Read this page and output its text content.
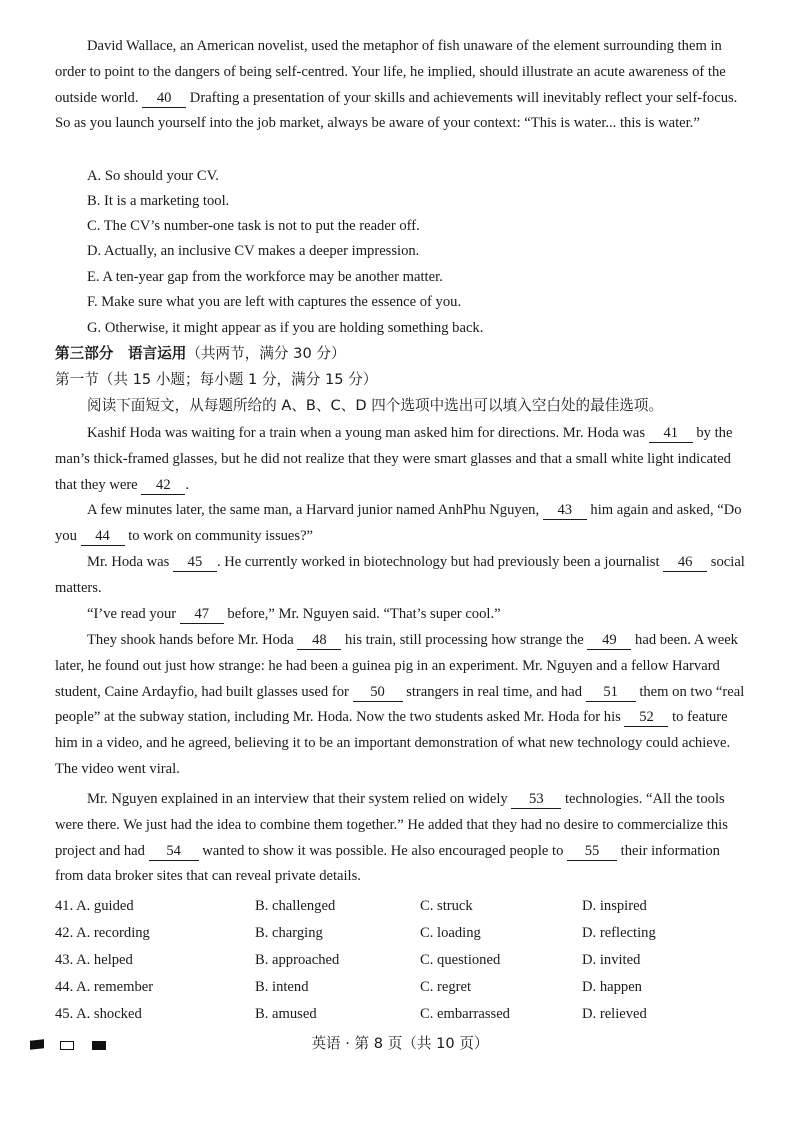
David Wallace, an American novelist, used the metaphor of fish unaware of the element surrounding them in order to point to the dangers of being self-centred. Your life, he implied, should illustrate an acute awareness of the outside world. 40 Drafting a presentation of your skills and achievements will inevitably reflect your self-focus. So as you launch yourself into the job market, always be aware of your context: “This is water... this is water.”
A. So should your CV.
B. It is a marketing tool.
C. The CV’s number-one task is not to put the reader off.
D. Actually, an inclusive CV makes a deeper impression.
E. A ten-year gap from the workforce may be another matter.
F. Make sure what you are left with captures the essence of you.
G. Otherwise, it might appear as if you are holding something back.
第三部分　语言运用（共两节，满分 30 分）
第一节（共 15 小题；每小题 1 分，满分 15 分）
阅读下面短文，从每题所给的 A、B、C、D 四个选项中选出可以填入空白处的最佳选项。
Kashif Hoda was waiting for a train when a young man asked him for directions. Mr. Hoda was 41 by the man’s thick-framed glasses, but he did not realize that they were smart glasses and that a small white light indicated that they were 42 .
A few minutes later, the same man, a Harvard junior named AnhPhu Nguyen, 43 him again and asked, “Do you 44 to work on community issues?”
Mr. Hoda was 45 . He currently worked in biotechnology but had previously been a journalist 46 social matters.
“I’ve read your 47 before,” Mr. Nguyen said. “That’s super cool.”
They shook hands before Mr. Hoda 48 his train, still processing how strange the 49 had been. A week later, he found out just how strange: he had been a guinea pig in an experiment. Mr. Nguyen and a fellow Harvard student, Caine Ardayfio, had built glasses used for 50 strangers in real time, and had 51 them on two “real people” at the subway station, including Mr. Hoda. Now the two students asked Mr. Hoda for his 52 to feature him in a video, and he agreed, believing it to be an important demonstration of what new technology could achieve. The video went viral.
Mr. Nguyen explained in an interview that their system relied on widely 53 technologies. “All the tools were there. We just had the idea to combine them together.” He added that they had no desire to commercialize this project and had 54 wanted to show it was possible. He also encouraged people to 55 their information from data broker sites that can reveal private details.
41. A. guided	B. challenged	C. struck	D. inspired
42. A. recording	B. charging	C. loading	D. reflecting
43. A. helped	B. approached	C. questioned	D. invited
44. A. remember	B. intend	C. regret	D. happen
45. A. shocked	B. amused	C. embarrassed	D. relieved
英语 · 第 8 页（共 10 页）
